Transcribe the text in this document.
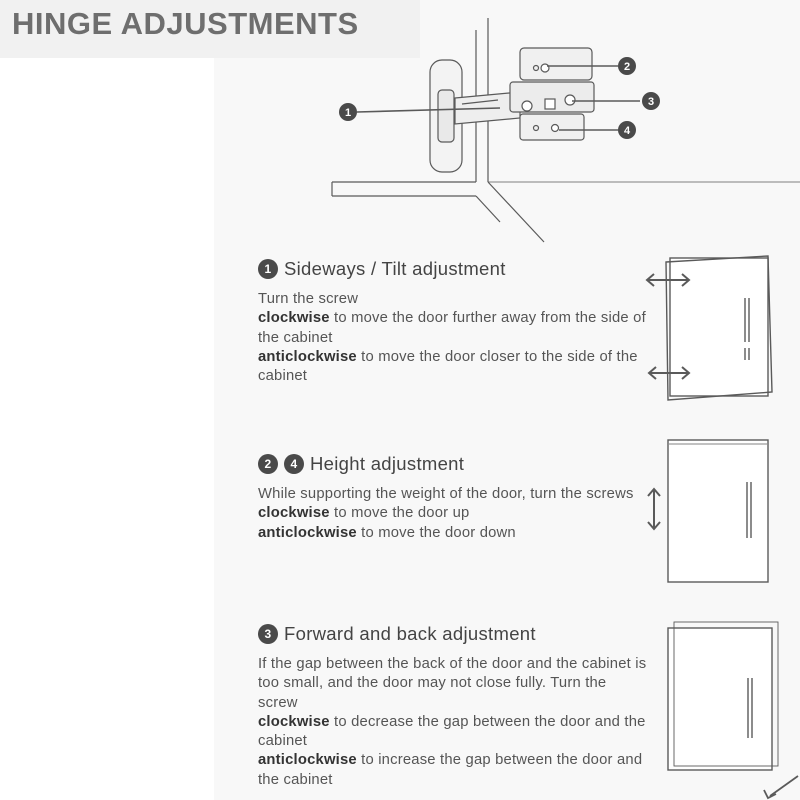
HINGE ADJUSTMENTS
1
2
3
4
1 Sideways / Tilt adjustment
Turn the screw
clockwise to move the door further away from the side of the cabinet
anticlockwise to move the door closer to the side of the cabinet
2	4 Height adjustment
While supporting the weight of the door, turn the screws
clockwise to move the door up
anticlockwise to move the door down
3 Forward and back adjustment
If the gap between the back of the door and the cabinet is too small, and the door may not close fully. Turn the screw
clockwise to decrease the gap between the door and the cabinet
anticlockwise to increase the gap between the door and the cabinet
